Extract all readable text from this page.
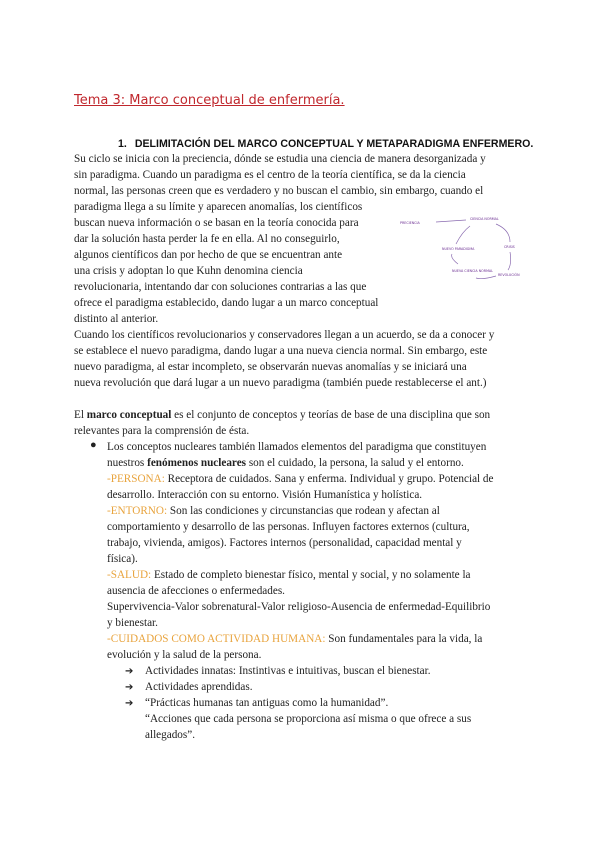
Tema 3: Marco conceptual de enfermería.
1. DELIMITACIÓN DEL MARCO CONCEPTUAL Y METAPARADIGMA ENFERMERO.

Su ciclo se inicia con la preciencia, dónde se estudia una ciencia de manera desorganizada y

sin paradigma. Cuando un paradigma es el centro de la teoría científica, se da la ciencia

normal, las personas creen que es verdadero y no buscan el cambio, sin embargo, cuando el

paradigma llega a su límite y aparecen anomalías, los científicos

buscan nueva información o se basan en la teoría conocida para

dar la solución hasta perder la fe en ella. Al no conseguirlo,

algunos científicos dan por hecho de que se encuentran ante

una crisis y adoptan lo que Kuhn denomina ciencia

revolucionaria, intentando dar con soluciones contrarias a las que

ofrece el paradigma establecido, dando lugar a un marco conceptual

distinto al anterior.

PRECIENCIA
CIENCIA NORMAL
CRISIS
REVOLUCIÓN
NUEVA CIENCIA NORMAL
NUEVO PARADIGMA

Cuando los científicos revolucionarios y conservadores llegan a un acuerdo, se da a conocer y

se establece el nuevo paradigma, dando lugar a una nueva ciencia normal. Sin embargo, este

nuevo paradigma, al estar incompleto, se observarán nuevas anomalías y se iniciará una

nueva revolución que dará lugar a un nuevo paradigma (también puede restablecerse el ant.)

El marco conceptual es el conjunto de conceptos y teorías de base de una disciplina que son

relevantes para la comprensión de ésta.

● Los conceptos nucleares también llamados elementos del paradigma que constituyen

nuestros fenómenos nucleares son el cuidado, la persona, la salud y el entorno.

-PERSONA: Receptora de cuidados. Sana y enferma. Individual y grupo. Potencial de

desarrollo. Interacción con su entorno. Visión Humanística y holística.

-ENTORNO: Son las condiciones y circunstancias que rodean y afectan al

comportamiento y desarrollo de las personas. Influyen factores externos (cultura,

trabajo, vivienda, amigos). Factores internos (personalidad, capacidad mental y

física).

-SALUD: Estado de completo bienestar físico, mental y social, y no solamente la

ausencia de afecciones o enfermedades.

Supervivencia-Valor sobrenatural-Valor religioso-Ausencia de enfermedad-Equilibrio

y bienestar.

-CUIDADOS COMO ACTIVIDAD HUMANA: Son fundamentales para la vida, la

evolución y la salud de la persona.

➔ Actividades innatas: Instintivas e intuitivas, buscan el bienestar.
➔ Actividades aprendidas.
➔ “Prácticas humanas tan antiguas como la humanidad”.
“Acciones que cada persona se proporciona así misma o que ofrece a sus
allegados”.
